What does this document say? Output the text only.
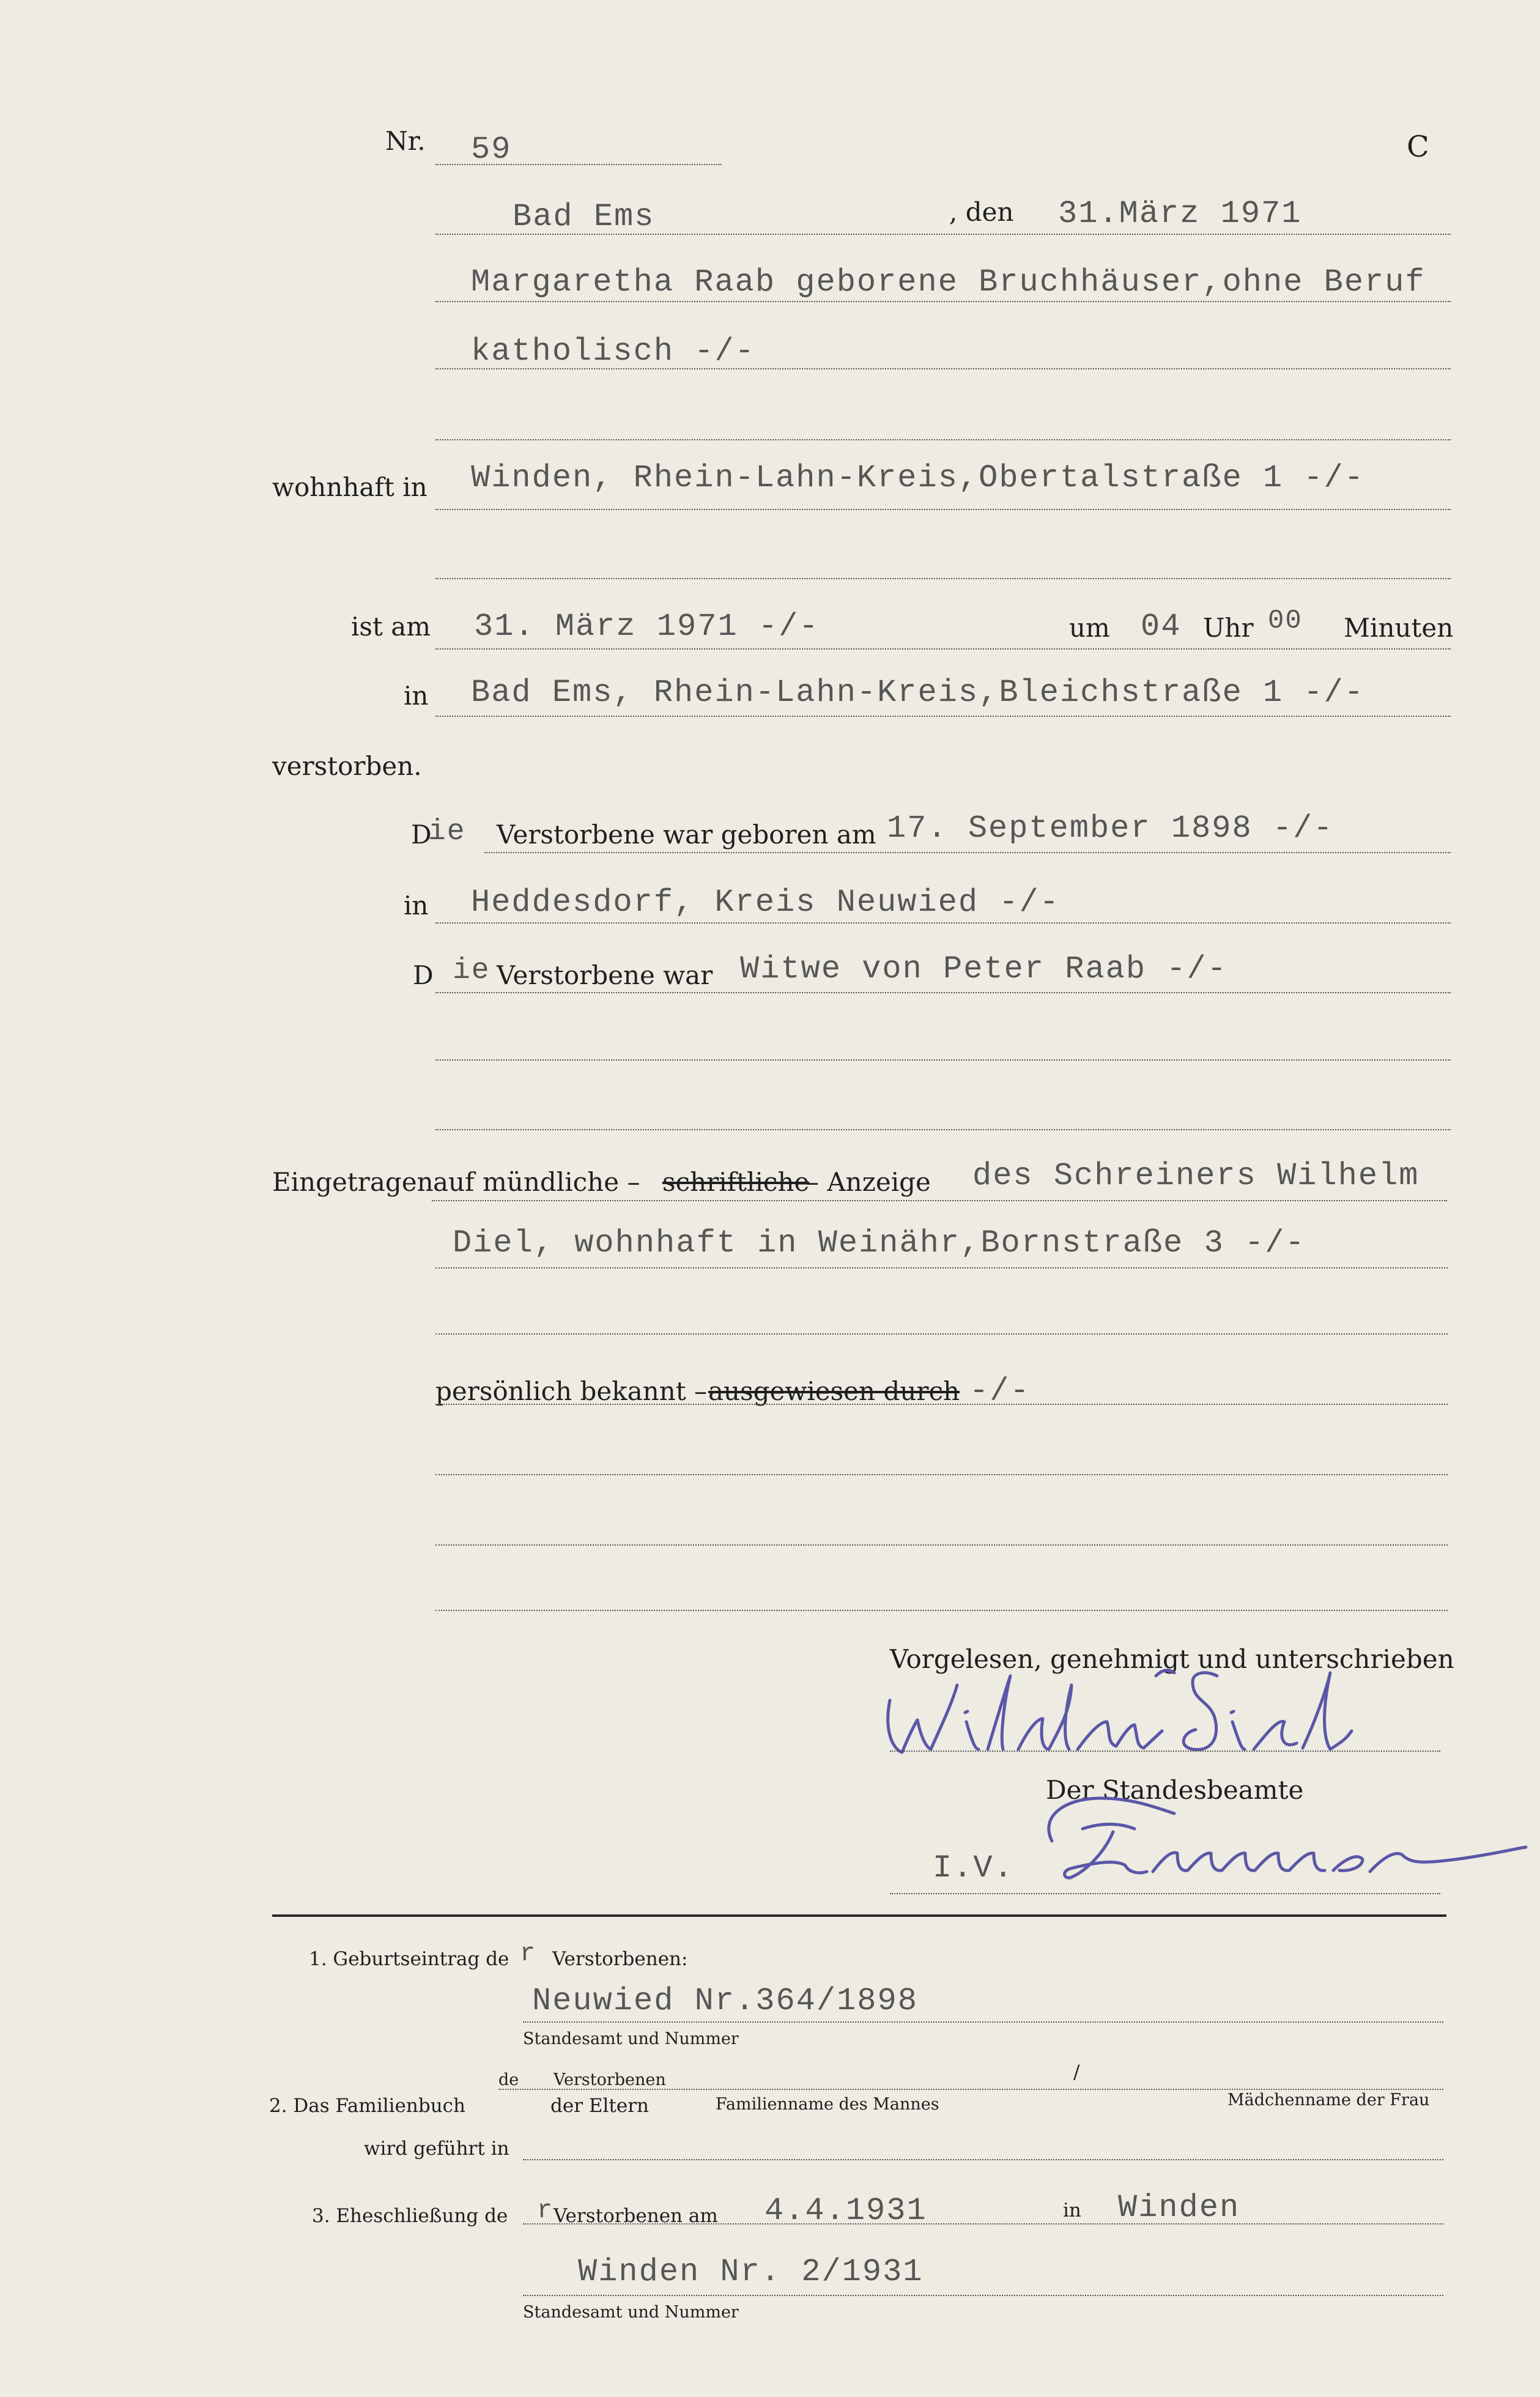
Nr. 59	C
Bad Ems	, den 31.März 1971
Margaretha Raab geborene Bruchhäuser,ohne Beruf
katholisch -/-
wohnhaft in Winden, Rhein-Lahn-Kreis,Obertalstraße 1 -/-
ist am 31. März 1971 -/-	um 04 Uhr 00 Minuten
in Bad Ems, Rhein-Lahn-Kreis,Bleichstraße 1 -/-
verstorben.
D
ie Verstorbene war geboren am 17. September 1898 -/-
in Heddesdorf, Kreis Neuwied -/-
D ie Verstorbene war Witwe von Peter Raab -/-
Eingetragen auf mündliche – schriftliche
– Anzeige des Schreiners Wilhelm
Diel, wohnhaft in Weinähr,Bornstraße 3 -/-
persönlich bekannt – ausgewiesen durch -/-
Vorgelesen, genehmigt und unterschrieben
Der Standesbeamte
I.V.
1. Geburtseintrag de r Verstorbenen:
Neuwied Nr.364/1898
Standesamt und Nummer
de Verstorbenen	/
2. Das Familienbuch	der Eltern	Familienname des Mannes	Mädchenname der Frau
wird geführt in
3. Eheschließung de r Verstorbenen am 4.4.1931	in Winden
Winden Nr. 2/1931
Standesamt und Nummer
